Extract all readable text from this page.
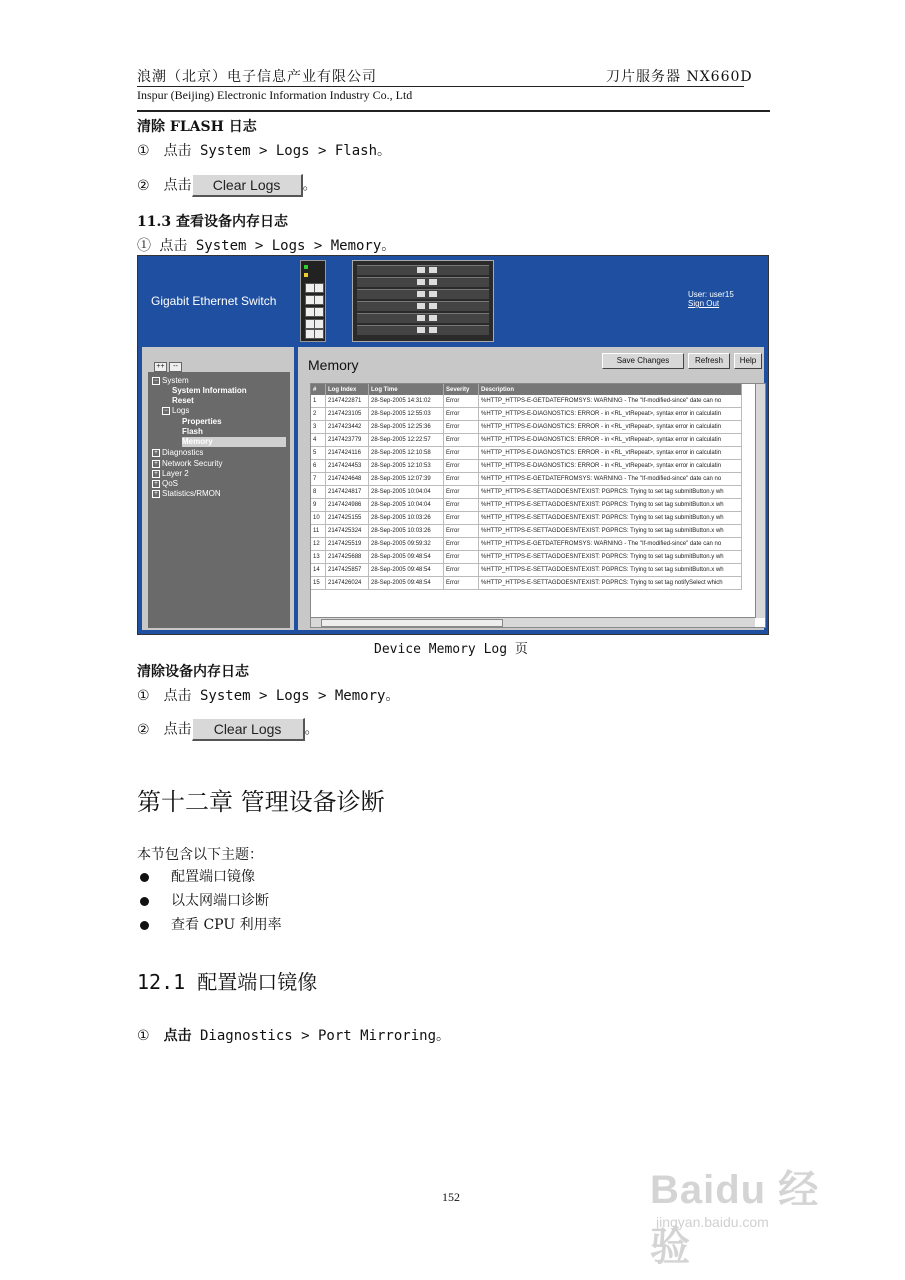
浪潮（北京）电子信息产业有限公司	刀片服务器 NX660D
Inspur (Beijing) Electronic Information Industry Co., Ltd
清除 FLASH 日志
① 点击 System > Logs > Flash。
② 点击 Clear Logs 。
11.3 查看设备内存日志
① 点击 System > Logs > Memory。
Gigabit Ethernet Switch	User: user15
Sign Out
++ --
− System
System Information
Reset
− Logs
Properties
Flash
Memory
+ Diagnostics
+ Network Security
+ Layer 2
+ QoS
+ Statistics/RMON
Memory	Save Changes	Refresh	Help
#	Log Index	Log Time	Severity	Description
1	2147422871	28-Sep-2005 14:31:02	Error	%HTTP_HTTPS-E-GETDATEFROMSYS: WARNING - The "If-modified-since" date can no
2	2147423105	28-Sep-2005 12:55:03	Error	%HTTP_HTTPS-E-DIAGNOSTICS: ERROR - in <RL_vtRepeat>, syntax error in calculatin
3	2147423442	28-Sep-2005 12:25:36	Error	%HTTP_HTTPS-E-DIAGNOSTICS: ERROR - in <RL_vtRepeat>, syntax error in calculatin
4	2147423779	28-Sep-2005 12:22:57	Error	%HTTP_HTTPS-E-DIAGNOSTICS: ERROR - in <RL_vtRepeat>, syntax error in calculatin
5	2147424116	28-Sep-2005 12:10:58	Error	%HTTP_HTTPS-E-DIAGNOSTICS: ERROR - in <RL_vtRepeat>, syntax error in calculatin
6	2147424453	28-Sep-2005 12:10:53	Error	%HTTP_HTTPS-E-DIAGNOSTICS: ERROR - in <RL_vtRepeat>, syntax error in calculatin
7	2147424648	28-Sep-2005 12:07:39	Error	%HTTP_HTTPS-E-GETDATEFROMSYS: WARNING - The "If-modified-since" date can no
8	2147424817	28-Sep-2005 10:04:04	Error	%HTTP_HTTPS-E-SETTAGDOESNTEXIST: PGPRCS: Trying to set tag submitButton.y wh
9	2147424986	28-Sep-2005 10:04:04	Error	%HTTP_HTTPS-E-SETTAGDOESNTEXIST: PGPRCS: Trying to set tag submitButton.x wh
10	2147425155	28-Sep-2005 10:03:26	Error	%HTTP_HTTPS-E-SETTAGDOESNTEXIST: PGPRCS: Trying to set tag submitButton.y wh
11	2147425324	28-Sep-2005 10:03:26	Error	%HTTP_HTTPS-E-SETTAGDOESNTEXIST: PGPRCS: Trying to set tag submitButton.x wh
12	2147425519	28-Sep-2005 09:59:32	Error	%HTTP_HTTPS-E-GETDATEFROMSYS: WARNING - The "If-modified-since" date can no
13	2147425688	28-Sep-2005 09:48:54	Error	%HTTP_HTTPS-E-SETTAGDOESNTEXIST: PGPRCS: Trying to set tag submitButton.y wh
14	2147425857	28-Sep-2005 09:48:54	Error	%HTTP_HTTPS-E-SETTAGDOESNTEXIST: PGPRCS: Trying to set tag submitButton.x wh
15	2147426024	28-Sep-2005 09:48:54	Error	%HTTP_HTTPS-E-SETTAGDOESNTEXIST: PGPRCS: Trying to set tag notifySelect which
Device Memory Log 页
清除设备内存日志
① 点击 System > Logs > Memory。
② 点击 Clear Logs 。
第十二章 管理设备诊断
本节包含以下主题：
配置端口镜像
以太网端口诊断
查看 CPU 利用率
12.1 配置端口镜像
① 点击 Diagnostics > Port Mirroring。
152	Baidu 经验
jingyan.baidu.com
